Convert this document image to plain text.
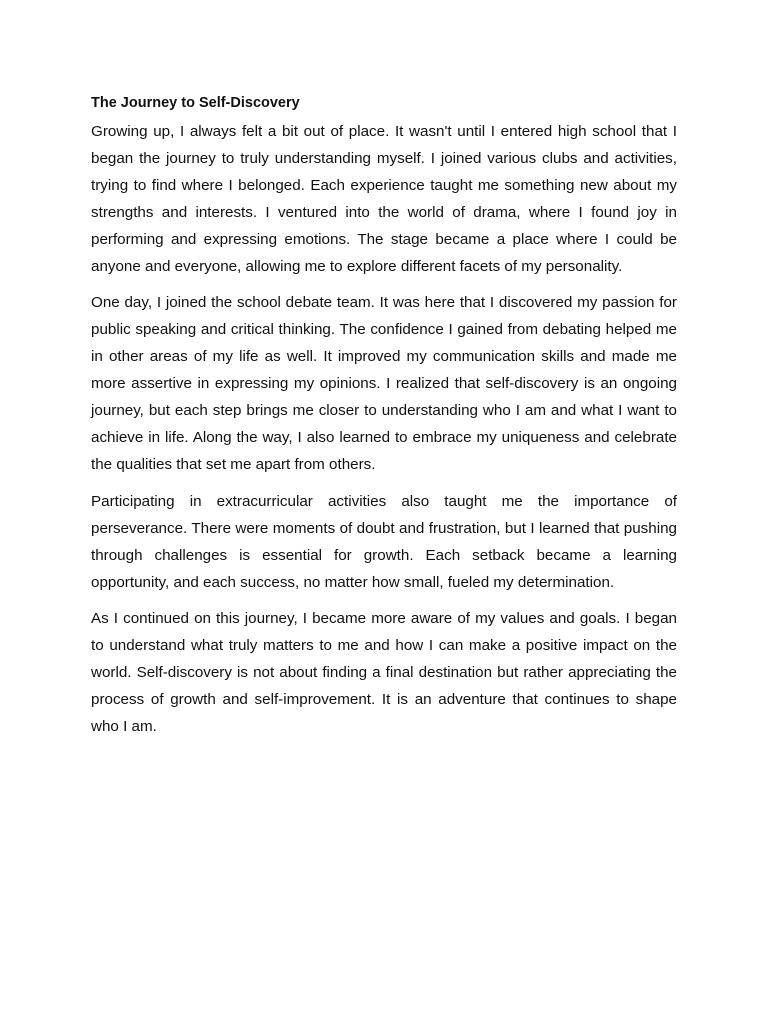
The Journey to Self-Discovery

Growing up, I always felt a bit out of place. It wasn't until I entered high school that I began the journey to truly understanding myself. I joined various clubs and activities, trying to find where I belonged. Each experience taught me something new about my strengths and interests. I ventured into the world of drama, where I found joy in performing and expressing emotions. The stage became a place where I could be anyone and everyone, allowing me to explore different facets of my personality.

One day, I joined the school debate team. It was here that I discovered my passion for public speaking and critical thinking. The confidence I gained from debating helped me in other areas of my life as well. It improved my communication skills and made me more assertive in expressing my opinions. I realized that self-discovery is an ongoing journey, but each step brings me closer to understanding who I am and what I want to achieve in life. Along the way, I also learned to embrace my uniqueness and celebrate the qualities that set me apart from others.

Participating in extracurricular activities also taught me the importance of perseverance. There were moments of doubt and frustration, but I learned that pushing through challenges is essential for growth. Each setback became a learning opportunity, and each success, no matter how small, fueled my determination.

As I continued on this journey, I became more aware of my values and goals. I began to understand what truly matters to me and how I can make a positive impact on the world. Self-discovery is not about finding a final destination but rather appreciating the process of growth and self-improvement. It is an adventure that continues to shape who I am.
